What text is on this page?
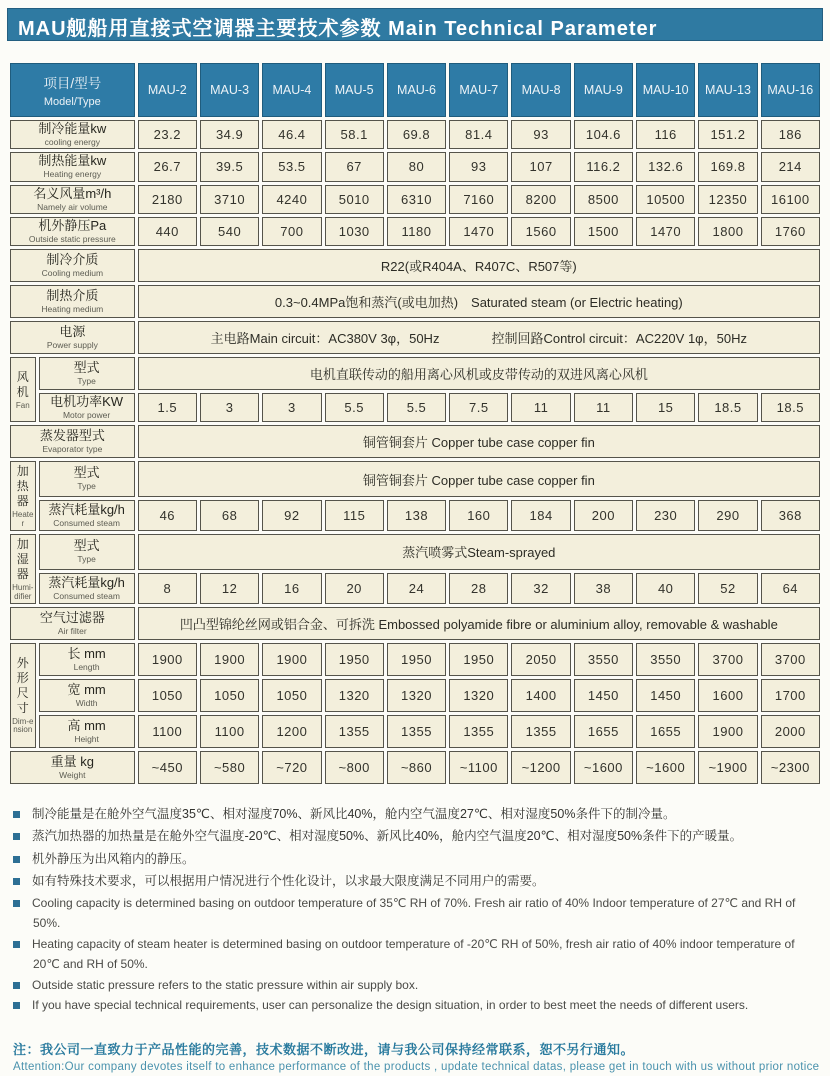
MAU舰船用直接式空调器主要技术参数 Main Technical Parameter
项目/型号
Model/Type		MAU-2	MAU-3	MAU-4	MAU-5	MAU-6	MAU-7	MAU-8	MAU-9	MAU-10	MAU-13	MAU-16

制冷能量kw
cooling energy		23.2	34.9	46.4	58.1	69.8	81.4	93	104.6	116	151.2	186

制热能量kw
Heating energy		26.7	39.5	53.5	67	80	93	107	116.2	132.6	169.8	214

名义风量m³/h
Namely air volume		2180	3710	4240	5010	6310	7160	8200	8500	10500	12350	16100

机外静压Pa
Outside static pressure		440	540	700	1030	1180	1470	1560	1500	1470	1800	1760

制冷介质
Cooling medium		R22(或R404A、R407C、R507等)										

制热介质
Heating medium		0.3~0.4MPa饱和蒸汽(或电加热)　Saturated steam (or Electric heating)										

电源
Power supply		主电路Main circuit：AC380V 3φ，50Hz　　　　控制回路Control circuit：AC220V 1φ，50Hz										

风机
Fan

型式
Type	电机直联传动的船用离心风机或皮带传动的双进风离心风机

	电机功率KW
Motor power	1.5	3	3	5.5	5.5	7.5	11	11	15	18.5	18.5

蒸发器型式
Evaporator type		铜管铜套片 Copper tube case copper fin										

加热器
Heater

型式
Type	铜管铜套片 Copper tube case copper fin

	蒸汽耗量kg/h
Consumed steam	46	68	92	115	138	160	184	200	230	290	368

加湿器
Humi-difier

型式
Type	蒸汽喷雾式Steam-sprayed

	蒸汽耗量kg/h
Consumed steam	8	12	16	20	24	28	32	38	40	52	64

空气过滤器
Air filter		凹凸型锦纶丝网或铝合金、可拆洗 Embossed polyamide fibre or aluminium alloy, removable & washable										

外形尺寸
Dim-ension

长 mm
Length	1900	1900	1900	1950	1950	1950	2050	3550	3550	3700	3700

	宽 mm
Width	1050	1050	1050	1320	1320	1320	1400	1450	1450	1600	1700

	高 mm
Height	1100	1100	1200	1355	1355	1355	1355	1655	1655	1900	2000

重量 kg
Weight		~450	~580	~720	~800	~860	~1100	~1200	~1600	~1600	~1900	~2300
制冷能量是在舱外空气温度35℃、相对湿度70%、新风比40%，舱内空气温度27℃、相对湿度50%条件下的制冷量。
蒸汽加热器的加热量是在舱外空气温度-20℃、相对湿度50%、新风比40%，舱内空气温度20℃、相对湿度50%条件下的产暖量。
机外静压为出风箱内的静压。
如有特殊技术要求，可以根据用户情况进行个性化设计，以求最大限度满足不同用户的需要。
Cooling capacity is determined basing on outdoor temperature of 35℃ RH of 70%. Fresh air ratio of 40% Indoor temperature of 27℃ and RH of 50%.
Heating capacity of steam heater is determined basing on outdoor temperature of -20℃ RH of 50%, fresh air ratio of 40% indoor temperature of 20℃ and RH of 50%.
Outside static pressure refers to the static pressure within air supply box.
If you have special technical requirements, user can personalize the design situation, in order to best meet the needs of different users.
注：我公司一直致力于产品性能的完善，技术数据不断改进，请与我公司保持经常联系，恕不另行通知。
Attention:Our company devotes itself to enhance performance of the products , update technical datas, please get in touch with us without prior notice
